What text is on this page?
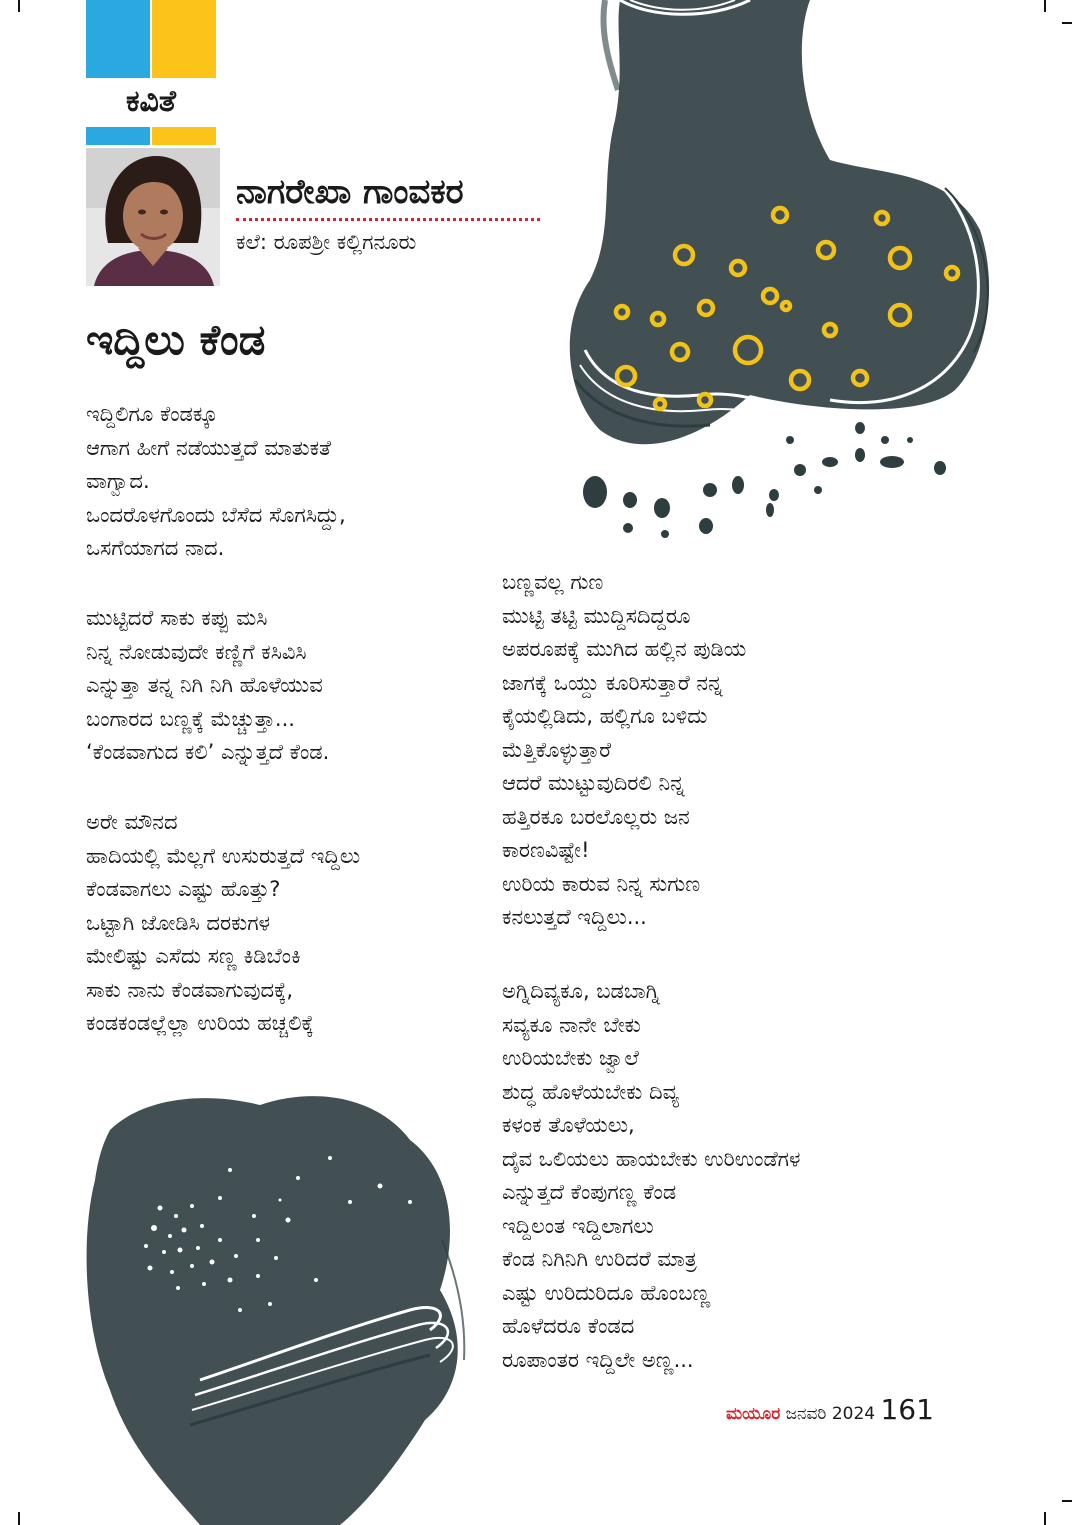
ಕವಿತೆ
ನಾಗರೇಖಾ ಗಾಂವಕರ
ಕಲೆ: ರೂಪಶ್ರೀ ಕಲ್ಲಿಗನೂರು
ಇದ್ದಿಲು ಕೆಂಡ
ಇದ್ದಿಲಿಗೂ ಕೆಂಡಕ್ಕೂ
ಆಗಾಗ ಹೀಗೆ ನಡೆಯುತ್ತದೆ ಮಾತುಕತೆ
ವಾಗ್ವಾದ.
ಒಂದರೊಳಗೊಂದು ಬೆಸೆದ ಸೊಗಸಿದ್ದು,
ಒಸಗೆಯಾಗದ ನಾದ.
ಮುಟ್ಟಿದರೆ ಸಾಕು ಕಪ್ಪು ಮಸಿ
ನಿನ್ನ ನೋಡುವುದೇ ಕಣ್ಣಿಗೆ ಕಸಿವಿಸಿ
ಎನ್ನುತ್ತಾ ತನ್ನ ನಿಗಿ ನಿಗಿ ಹೊಳೆಯುವ
ಬಂಗಾರದ ಬಣ್ಣಕ್ಕೆ ಮೆಚ್ಚುತ್ತಾ...
‘ಕೆಂಡವಾಗುದ ಕಲಿ’ ಎನ್ನುತ್ತದೆ ಕೆಂಡ.
ಅರೇ ಮೌನದ
ಹಾದಿಯಲ್ಲಿ ಮೆಲ್ಲಗೆ ಉಸುರುತ್ತದೆ ಇದ್ದಿಲು
ಕೆಂಡವಾಗಲು ಎಷ್ಟು ಹೊತ್ತು?
ಒಟ್ಟಾಗಿ ಜೋಡಿಸಿ ದರಕುಗಳ
ಮೇಲಿಷ್ಟು ಎಸೆದು ಸಣ್ಣ ಕಿಡಿಬೆಂಕಿ
ಸಾಕು ನಾನು ಕೆಂಡವಾಗುವುದಕ್ಕೆ,
ಕಂಡಕಂಡಲ್ಲೆಲ್ಲಾ ಉರಿಯ ಹಚ್ಚಲಿಕ್ಕೆ
ಬಣ್ಣವಲ್ಲ ಗುಣ
ಮುಟ್ಟಿ ತಟ್ಟಿ ಮುದ್ದಿಸದಿದ್ದರೂ
ಅಪರೂಪಕ್ಕೆ ಮುಗಿದ ಹಲ್ಲಿನ ಪುಡಿಯ
ಜಾಗಕ್ಕೆ ಒಯ್ದು ಕೂರಿಸುತ್ತಾರೆ ನನ್ನ
ಕೈಯಲ್ಲಿಡಿದು, ಹಲ್ಲಿಗೂ ಬಳಿದು
ಮೆತ್ತಿಕೊಳ್ಳುತ್ತಾರೆ
ಆದರೆ ಮುಟ್ಟುವುದಿರಲಿ ನಿನ್ನ
ಹತ್ತಿರಕೂ ಬರಲೊಲ್ಲರು ಜನ
ಕಾರಣವಿಷ್ಟೇ!
ಉರಿಯ ಕಾರುವ ನಿನ್ನ ಸುಗುಣ
ಕನಲುತ್ತದೆ ಇದ್ದಿಲು...
ಅಗ್ನಿದಿವ್ಯಕೂ, ಬಡಬಾಗ್ನಿ
ಸವ್ಯಕೂ ನಾನೇ ಬೇಕು
ಉರಿಯಬೇಕು ಜ್ವಾಲೆ
ಶುದ್ಧ ಹೊಳೆಯಬೇಕು ದಿವ್ಯ
ಕಳಂಕ ತೊಳೆಯಲು,
ದೈವ ಒಲಿಯಲು ಹಾಯಬೇಕು ಉರಿಉಂಡೆಗಳ
ಎನ್ನುತ್ತದೆ ಕೆಂಪುಗಣ್ಣ ಕೆಂಡ
ಇದ್ದಿಲಂತ ಇದ್ದಿಲಾಗಲು
ಕೆಂಡ ನಿಗಿನಿಗಿ ಉರಿದರೆ ಮಾತ್ರ
ಎಷ್ಟು ಉರಿದುರಿದೂ ಹೊಂಬಣ್ಣ
ಹೊಳೆದರೂ ಕೆಂಡದ
ರೂಪಾಂತರ ಇದ್ದಿಲೇ ಅಣ್ಣ...
ಮಯೂರ ಜನವರಿ 2024 161
